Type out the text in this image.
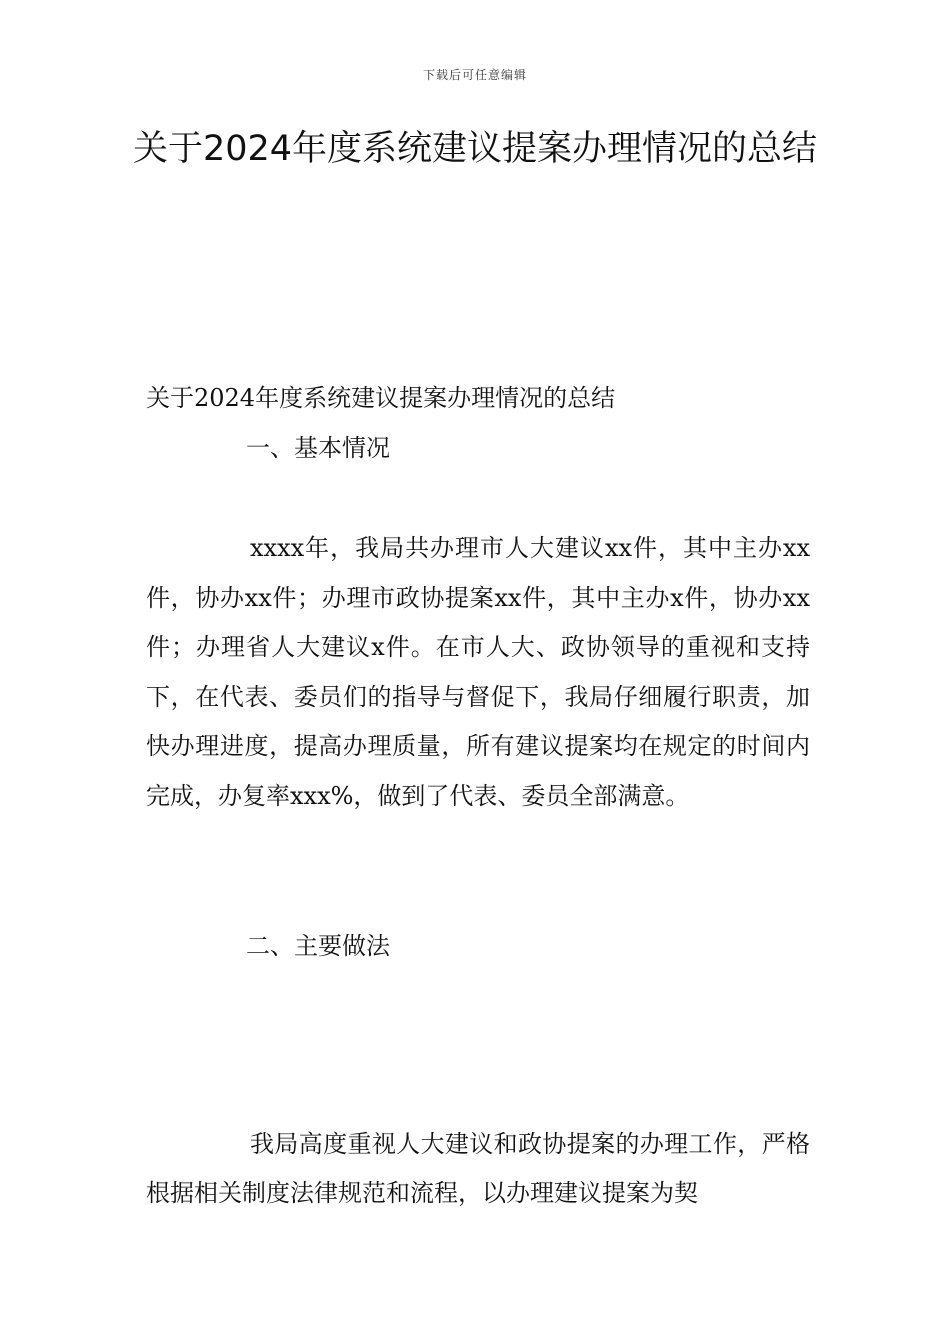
下载后可任意编辑
关于2024年度系统建议提案办理情况的总结

关于2024年度系统建议提案办理情况的总结

一、基本情况

xxxx年，我局共办理市人大建议xx件，其中主办xx件，协办xx件；办理市政协提案xx件，其中主办x件，协办xx件；办理省人大建议x件。在市人大、政协领导的重视和支持下，在代表、委员们的指导与督促下，我局仔细履行职责，加快办理进度，提高办理质量，所有建议提案均在规定的时间内完成，办复率xxx%，做到了代表、委员全部满意。

二、主要做法

我局高度重视人大建议和政协提案的办理工作，严格根据相关制度法律规范和流程，以办理建议提案为契
